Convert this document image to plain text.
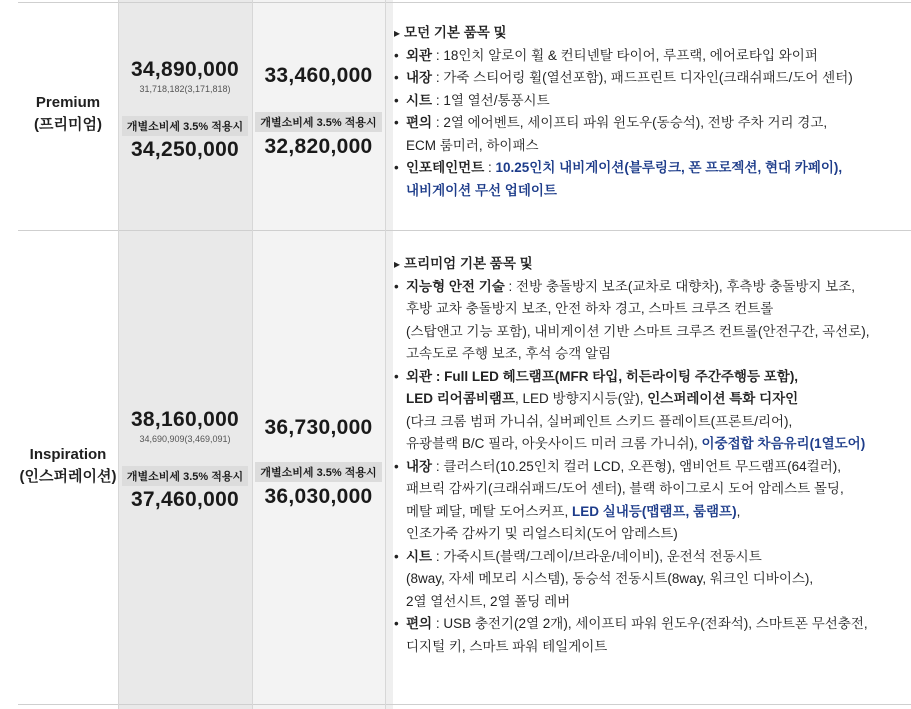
Premium
(프리미엄)
34,890,000
31,718,182(3,171,818)
개별소비세 3.5% 적용시
34,250,000
33,460,000
개별소비세 3.5% 적용시
32,820,000
▸ 모던 기본 품목 및
• 외관 : 18인치 알로이 휠 & 컨티넨탈 타이어, 루프랙, 에어로타입 와이퍼
• 내장 : 가죽 스티어링 휠(열선포함), 패드프린트 디자인(크래쉬패드/도어 센터)
• 시트 : 1열 열선/통풍시트
• 편의 : 2열 에어벤트, 세이프티 파워 윈도우(동승석), 전방 주차 거리 경고,
ECM 룸미러, 하이패스
• 인포테인먼트 : 10.25인치 내비게이션(블루링크, 폰 프로젝션, 현대 카페이),
내비게이션 무선 업데이트
Inspiration
(인스퍼레이션)
38,160,000
34,690,909(3,469,091)
개별소비세 3.5% 적용시
37,460,000
36,730,000
개별소비세 3.5% 적용시
36,030,000
▸ 프리미엄 기본 품목 및
• 지능형 안전 기술 : 전방 충돌방지 보조(교차로 대향차), 후측방 충돌방지 보조,
후방 교차 충돌방지 보조, 안전 하차 경고, 스마트 크루즈 컨트롤
(스탑앤고 기능 포함), 내비게이션 기반 스마트 크루즈 컨트롤(안전구간, 곡선로),
고속도로 주행 보조, 후석 승객 알림
• 외관 : Full LED 헤드램프(MFR 타입, 히든라이팅 주간주행등 포함),
LED 리어콤비램프, LED 방향지시등(앞), 인스퍼레이션 특화 디자인
(다크 크롬 범퍼 가니쉬, 실버페인트 스키드 플레이트(프론트/리어),
유광블랙 B/C 필라, 아웃사이드 미러 크롬 가니쉬), 이중접합 차음유리(1열도어)
• 내장 : 클러스터(10.25인치 컬러 LCD, 오픈형), 앰비언트 무드램프(64컬러),
패브릭 감싸기(크래쉬패드/도어 센터), 블랙 하이그로시 도어 암레스트 몰딩,
메탈 페달, 메탈 도어스커프, LED 실내등(맵램프, 룸램프),
인조가죽 감싸기 및 리얼스티치(도어 암레스트)
• 시트 : 가죽시트(블랙/그레이/브라운/네이비), 운전석 전동시트
(8way, 자세 메모리 시스템), 동승석 전동시트(8way, 워크인 디바이스),
2열 열선시트, 2열 폴딩 레버
• 편의 : USB 충전기(2열 2개), 세이프티 파워 윈도우(전좌석), 스마트폰 무선충전,
디지털 키, 스마트 파워 테일게이트
